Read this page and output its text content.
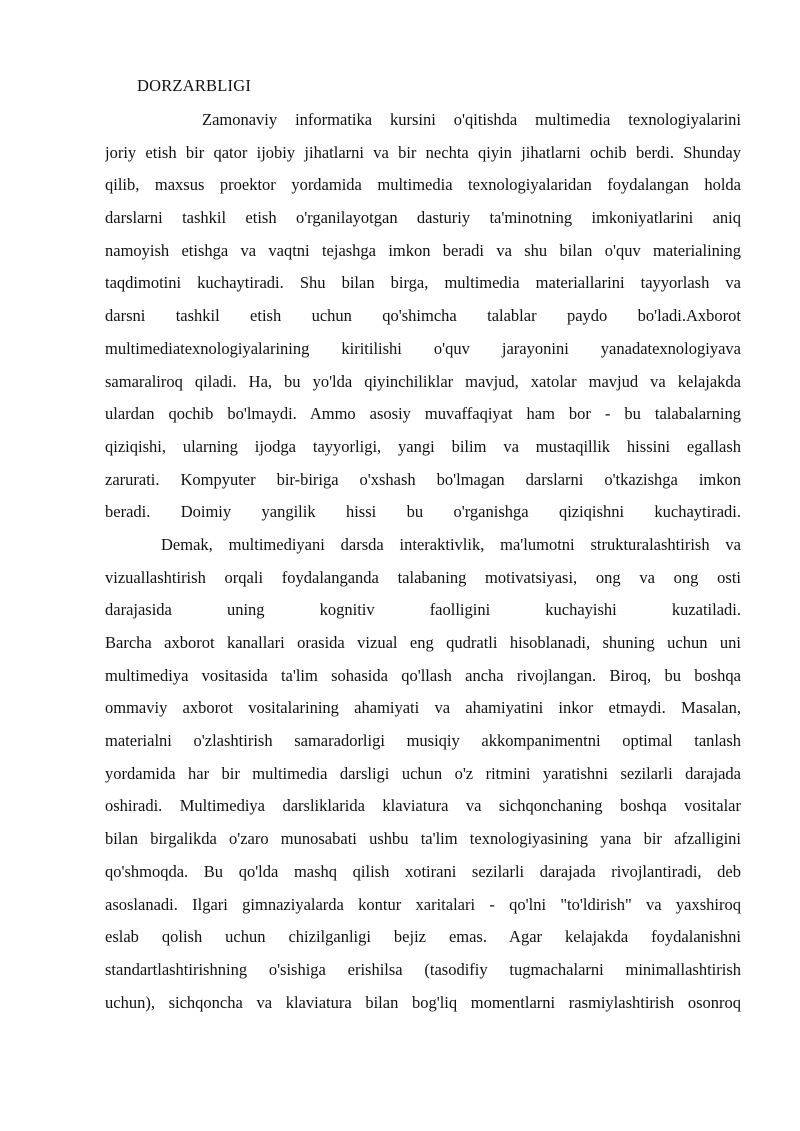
DORZARBLIGI
Zamonaviy informatika kursini o'qitishda multimedia texnologiyalarini
joriy etish bir qator ijobiy jihatlarni va bir nechta qiyin jihatlarni ochib berdi. Shunday
qilib, maxsus proektor yordamida multimedia texnologiyalaridan foydalangan holda
darslarni tashkil etish o'rganilayotgan dasturiy ta'minotning imkoniyatlarini aniq
namoyish etishga va vaqtni tejashga imkon beradi va shu bilan o'quv materialining
taqdimotini kuchaytiradi. Shu bilan birga, multimedia materiallarini tayyorlash va
darsni tashkil etish uchun qo'shimcha talablar paydo bo'ladi.Axborot
multimediatexnologiyalarining kiritilishi o'quv jarayonini yanadatexnologiyava
samaraliroq qiladi. Ha, bu yo'lda qiyinchiliklar mavjud, xatolar mavjud va kelajakda
ulardan qochib bo'lmaydi. Ammo asosiy muvaffaqiyat ham bor - bu talabalarning
qiziqishi, ularning ijodga tayyorligi, yangi bilim va mustaqillik hissini egallash
zarurati. Kompyuter bir-biriga o'xshash bo'lmagan darslarni o'tkazishga imkon
beradi. Doimiy yangilik hissi bu o'rganishga qiziqishni kuchaytiradi.
Demak, multimediyani darsda interaktivlik, ma'lumotni strukturalashtirish va
vizuallashtirish orqali foydalanganda talabaning motivatsiyasi, ong va ong osti
darajasida uning kognitiv faolligini kuchayishi kuzatiladi.
Barcha axborot kanallari orasida vizual eng qudratli hisoblanadi, shuning uchun uni
multimediya vositasida ta'lim sohasida qo'llash ancha rivojlangan. Biroq, bu boshqa
ommaviy axborot vositalarining ahamiyati va ahamiyatini inkor etmaydi. Masalan,
materialni o'zlashtirish samaradorligi musiqiy akkompanimentni optimal tanlash
yordamida har bir multimedia darsligi uchun o'z ritmini yaratishni sezilarli darajada
oshiradi. Multimediya darsliklarida klaviatura va sichqonchaning boshqa vositalar
bilan birgalikda o'zaro munosabati ushbu ta'lim texnologiyasining yana bir afzalligini
qo'shmoqda. Bu qo'lda mashq qilish xotirani sezilarli darajada rivojlantiradi, deb
asoslanadi. Ilgari gimnaziyalarda kontur xaritalari - qo'lni "to'ldirish" va yaxshiroq
eslab qolish uchun chizilganligi bejiz emas. Agar kelajakda foydalanishni
standartlashtirishning o'sishiga erishilsa (tasodifiy tugmachalarni minimallashtirish
uchun), sichqoncha va klaviatura bilan bog'liq momentlarni rasmiylashtirish osonroq
